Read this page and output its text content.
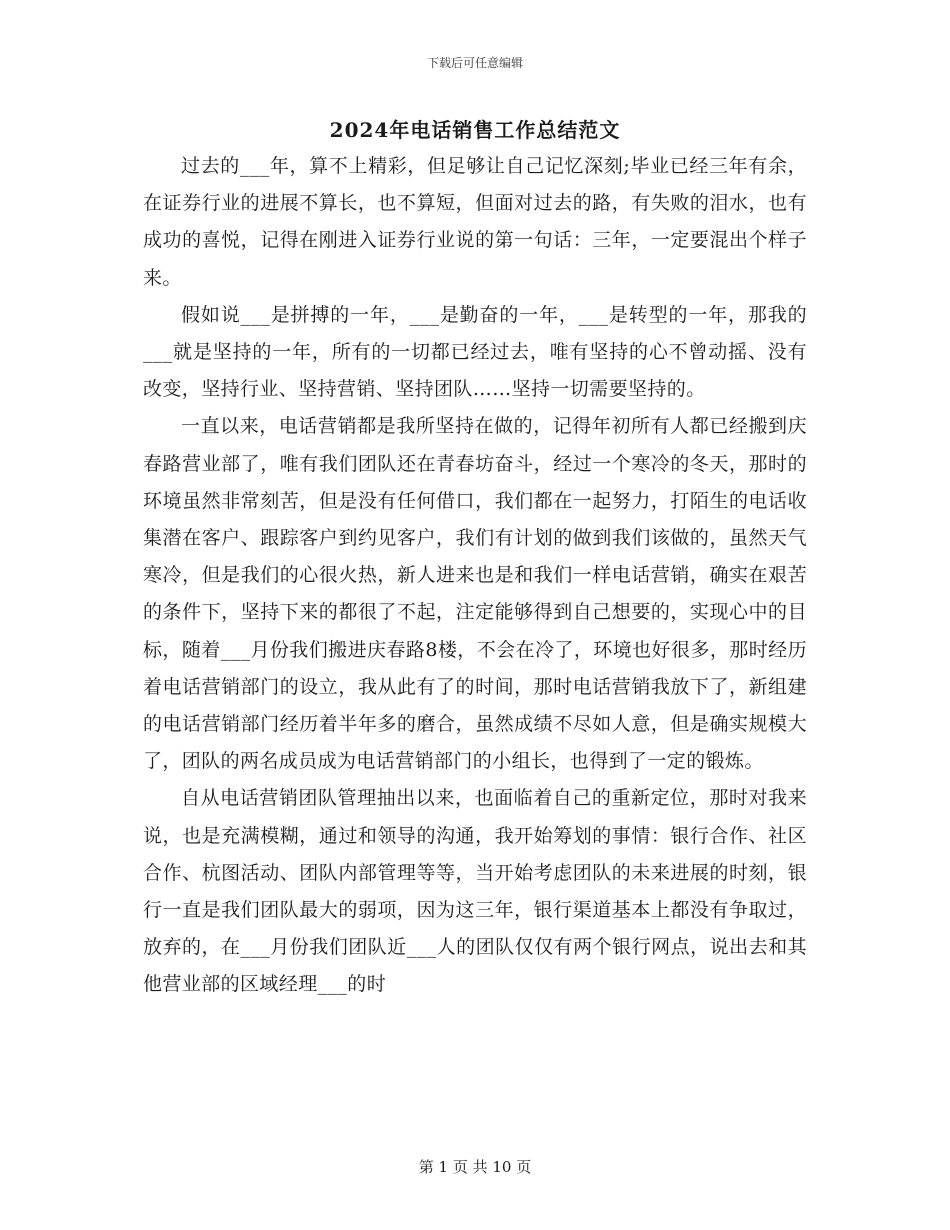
下载后可任意编辑
2024年电话销售工作总结范文

过去的___年，算不上精彩，但足够让自己记忆深刻;毕业已经三年有余，在证券行业的进展不算长，也不算短，但面对过去的路，有失败的泪水，也有成功的喜悦，记得在刚进入证券行业说的第一句话：三年，一定要混出个样子来。

假如说___是拼搏的一年，___是勤奋的一年，___是转型的一年，那我的___就是坚持的一年，所有的一切都已经过去，唯有坚持的心不曾动摇、没有改变，坚持行业、坚持营销、坚持团队……坚持一切需要坚持的。

一直以来，电话营销都是我所坚持在做的，记得年初所有人都已经搬到庆春路营业部了，唯有我们团队还在青春坊奋斗，经过一个寒冷的冬天，那时的环境虽然非常刻苦，但是没有任何借口，我们都在一起努力，打陌生的电话收集潜在客户、跟踪客户到约见客户，我们有计划的做到我们该做的，虽然天气寒冷，但是我们的心很火热，新人进来也是和我们一样电话营销，确实在艰苦的条件下，坚持下来的都很了不起，注定能够得到自己想要的，实现心中的目标，随着___月份我们搬进庆春路8楼，不会在冷了，环境也好很多，那时经历着电话营销部门的设立，我从此有了的时间，那时电话营销我放下了，新组建的电话营销部门经历着半年多的磨合，虽然成绩不尽如人意，但是确实规模大了，团队的两名成员成为电话营销部门的小组长，也得到了一定的锻炼。

自从电话营销团队管理抽出以来，也面临着自己的重新定位，那时对我来说，也是充满模糊，通过和领导的沟通，我开始筹划的事情：银行合作、社区合作、杭图活动、团队内部管理等等，当开始考虑团队的未来进展的时刻，银行一直是我们团队最大的弱项，因为这三年，银行渠道基本上都没有争取过，放弃的，在___月份我们团队近___人的团队仅仅有两个银行网点，说出去和其他营业部的区域经理___的时

第 1 页 共 10 页
